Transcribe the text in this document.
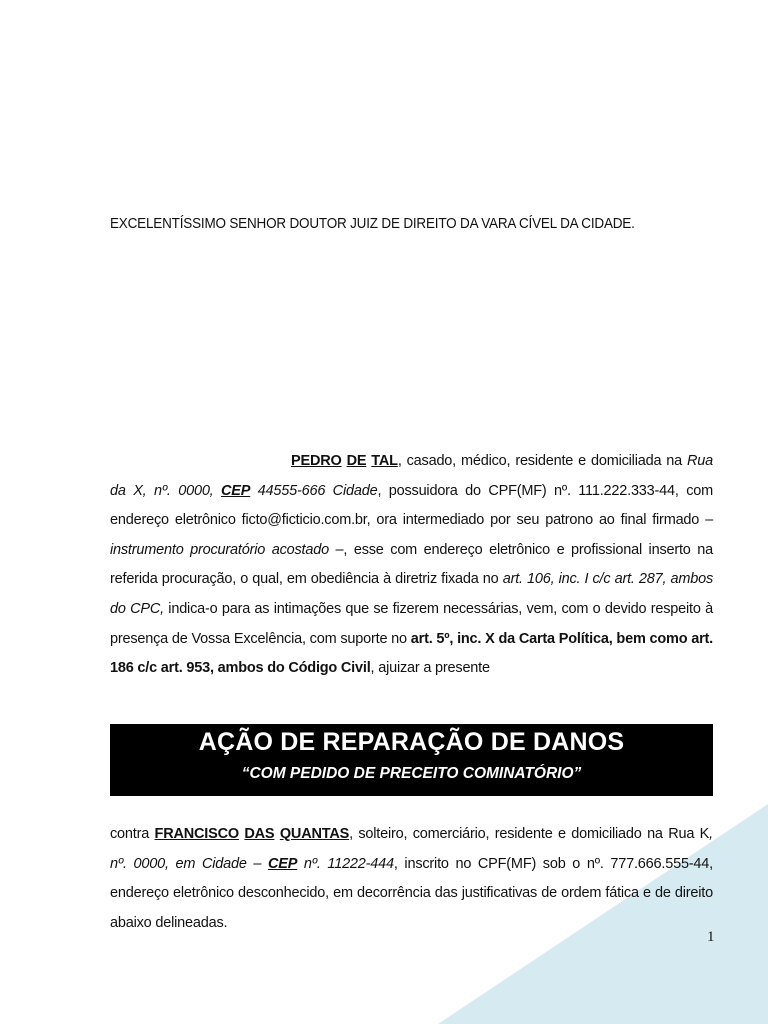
EXCELENTÍSSIMO SENHOR DOUTOR JUIZ DE DIREITO DA VARA CÍVEL DA CIDADE.
PEDRO DE TAL, casado, médico, residente e domiciliada na Rua da X, nº. 0000, CEP 44555-666 Cidade, possuidora do CPF(MF) nº. 111.222.333-44, com endereço eletrônico ficto@ficticio.com.br, ora intermediado por seu patrono ao final firmado – instrumento procuratório acostado –, esse com endereço eletrônico e profissional inserto na referida procuração, o qual, em obediência à diretriz fixada no art. 106, inc. I c/c art. 287, ambos do CPC, indica-o para as intimações que se fizerem necessárias, vem, com o devido respeito à presença de Vossa Excelência, com suporte no art. 5º, inc. X da Carta Política, bem como art. 186 c/c art. 953, ambos do Código Civil, ajuizar a presente
AÇÃO DE REPARAÇÃO DE DANOS
“COM PEDIDO DE PRECEITO COMINATÓRIO”
contra FRANCISCO DAS QUANTAS, solteiro, comerciário, residente e domiciliado na Rua K, nº. 0000, em Cidade – CEP nº. 11222-444, inscrito no CPF(MF) sob o nº. 777.666.555-44, endereço eletrônico desconhecido, em decorrência das justificativas de ordem fática e de direito abaixo delineadas.
1
